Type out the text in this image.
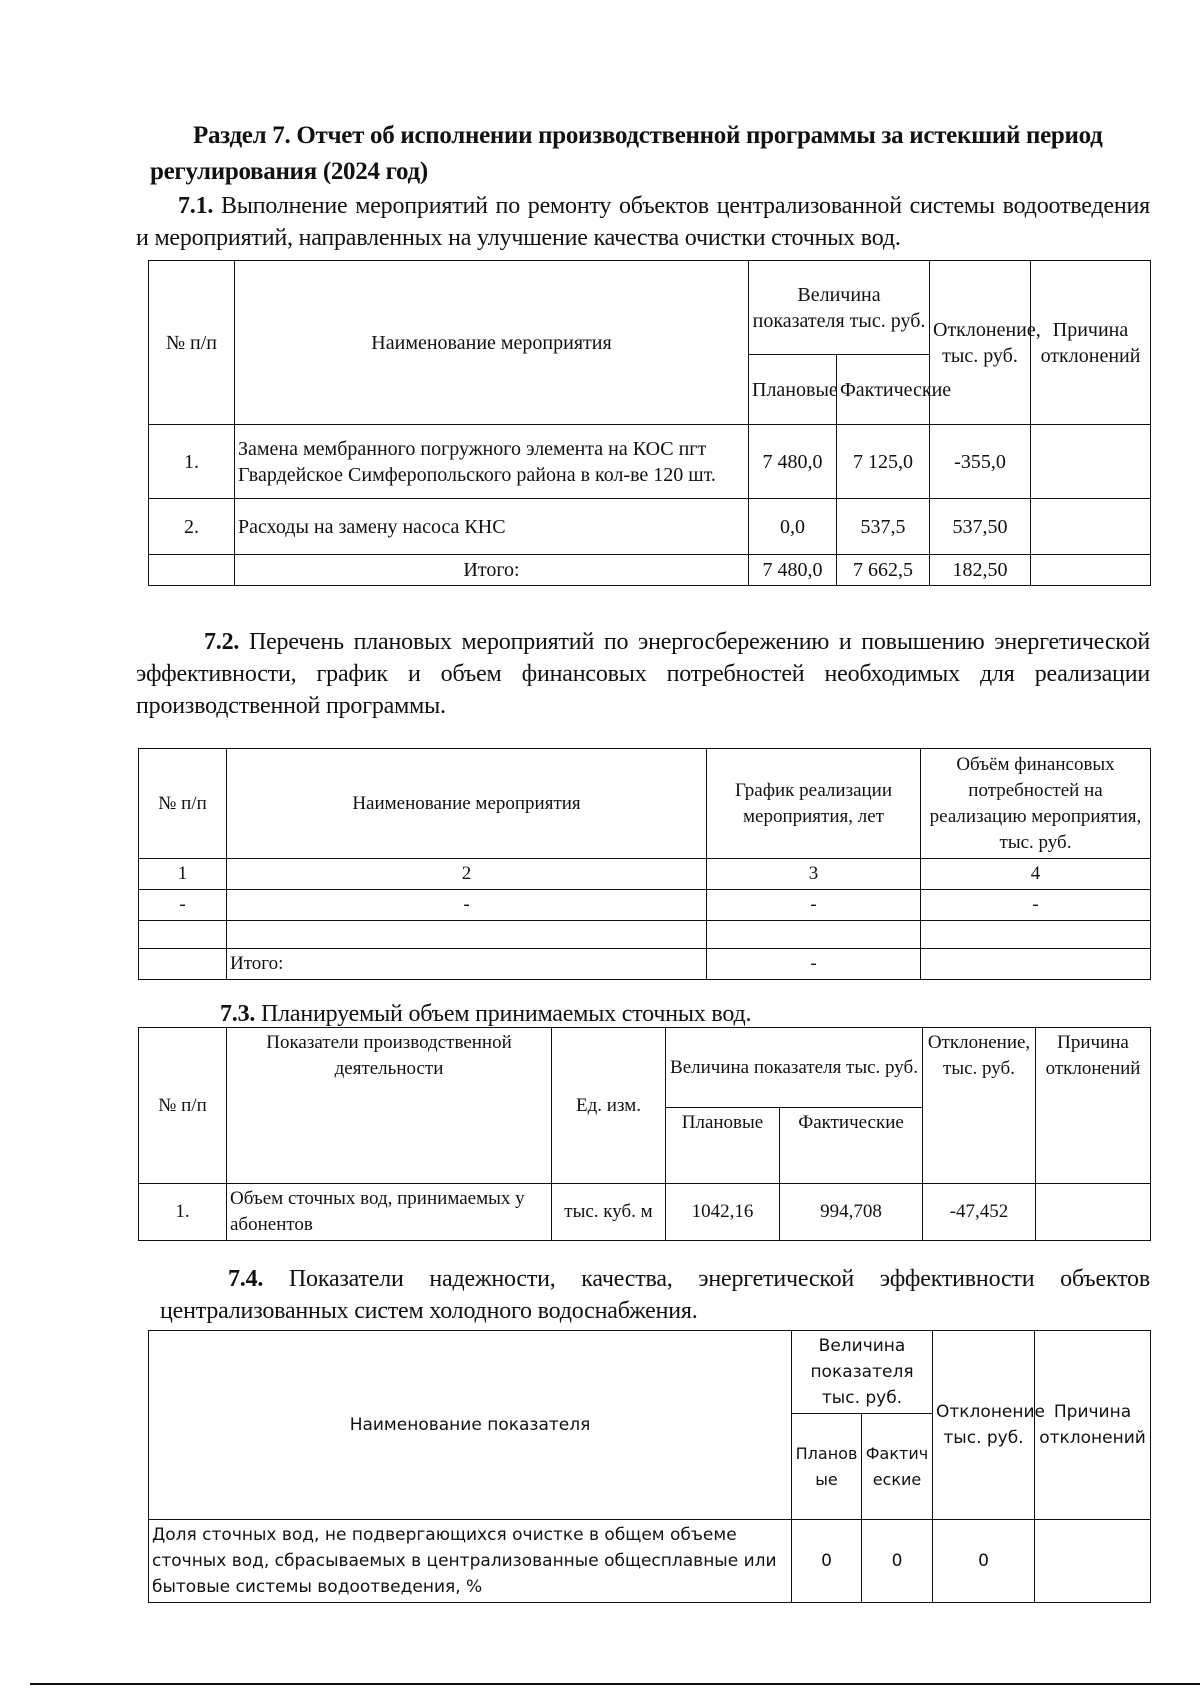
Раздел 7. Отчет об исполнении производственной программы за истекший период
регулирования (2024 год)
7.1. Выполнение мероприятий по ремонту объектов централизованной системы водоотведения и мероприятий, направленных на улучшение качества очистки сточных вод.
№ п/п	Наименование мероприятия	Величина показателя тыс. руб.		Отклонение, тыс. руб.	Причина отклонений
		Плановые	Фактические		
1.	Замена мембранного погружного элемента на КОС пгт Гвардейское Симферопольского района в кол-ве 120 шт.	7 480,0	7 125,0	-355,0	
2.	Расходы на замену насоса КНС	0,0	537,5	537,50	
	Итого:	7 480,0	7 662,5	182,50	
7.2. Перечень плановых мероприятий по энергосбережению и повышению энергетической эффективности, график и объем финансовых потребностей необходимых для реализации производственной программы.
№ п/п	Наименование мероприятия	График реализации мероприятия, лет	Объём финансовых потребностей на реализацию мероприятия, тыс. руб.
1	2	3	4
-	-	-	-

	Итого:	-	
7.3. Планируемый объем принимаемых сточных вод.
№ п/п	Показатели производственной деятельности	Ед. изм.	Величина показателя тыс. руб.		Отклонение, тыс. руб.	Причина отклонений
			Плановые	Фактические		
1.	Объем сточных вод, принимаемых у абонентов	тыс. куб. м	1042,16	994,708	-47,452	
7.4. Показатели надежности, качества, энергетической эффективности объектов централизованных систем холодного водоснабжения.
Наименование показателя	Величина показателя тыс. руб.		Отклонение тыс. руб.	Причина отклонений
	Плановые	Фактические		
Доля сточных вод, не подвергающихся очистке в общем объеме сточных вод, сбрасываемых в централизованные общесплавные или бытовые системы водоотведения, %	0	0	0	
